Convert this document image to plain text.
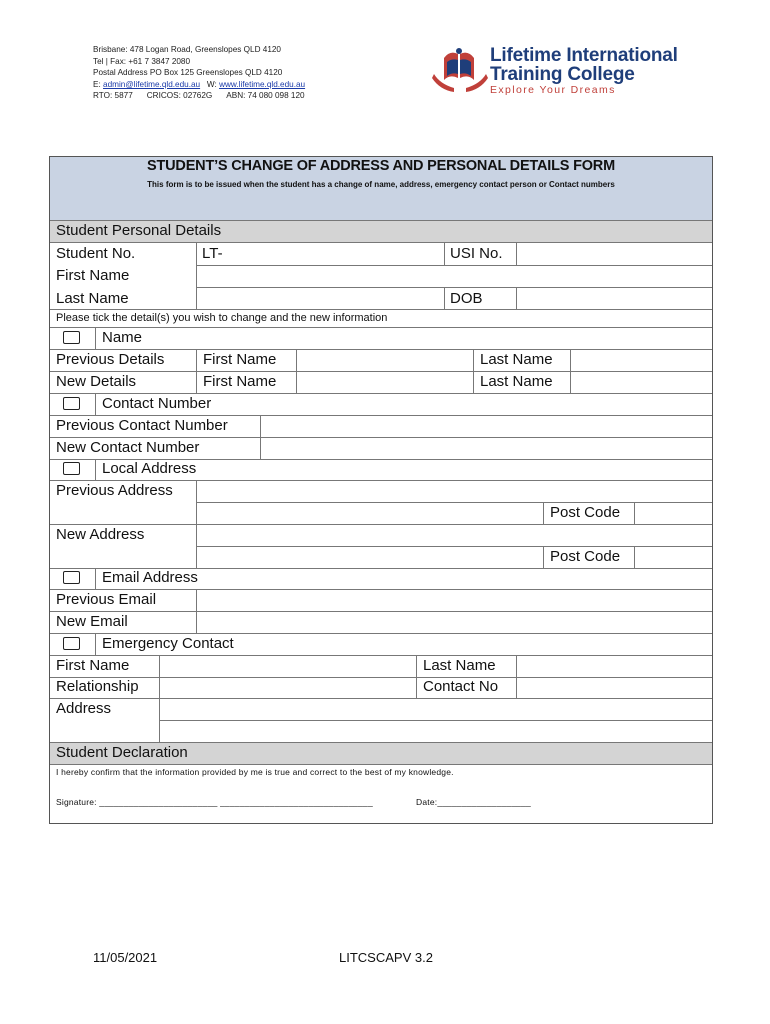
Brisbane: 478 Logan Road, Greenslopes QLD 4120
Tel | Fax: +61 7 3847 2080
Postal Address PO Box 125 Greenslopes QLD 4120
E: admin@lifetime.qld.edu.au W: www.lifetime.qld.edu.au
RTO: 5877 CRICOS: 02762G ABN: 74 080 098 120
Lifetime International
Training College
Explore Your Dreams
STUDENT’S CHANGE OF ADDRESS AND PERSONAL DETAILS FORM
This form is to be issued when the student has a change of name, address, emergency contact person or Contact numbers
Student Personal Details
Student No.	LT-	USI No.
First Name
Last Name	DOB
Please tick the detail(s) you wish to change and the new information
Name
Previous Details	First Name	Last Name
New Details	First Name	Last Name
Contact Number
Previous Contact Number
New Contact Number
Local Address
Previous Address
Post Code
New Address
Post Code
Email Address
Previous Email
New Email
Emergency Contact
First Name	Last Name
Relationship	Contact No
Address
Student Declaration
I hereby confirm that the information provided by me is true and correct to the best of my knowledge.
Signature: ________________________ _______________________________	Date:___________________
11/05/2021	LITCSCAPV 3.2
